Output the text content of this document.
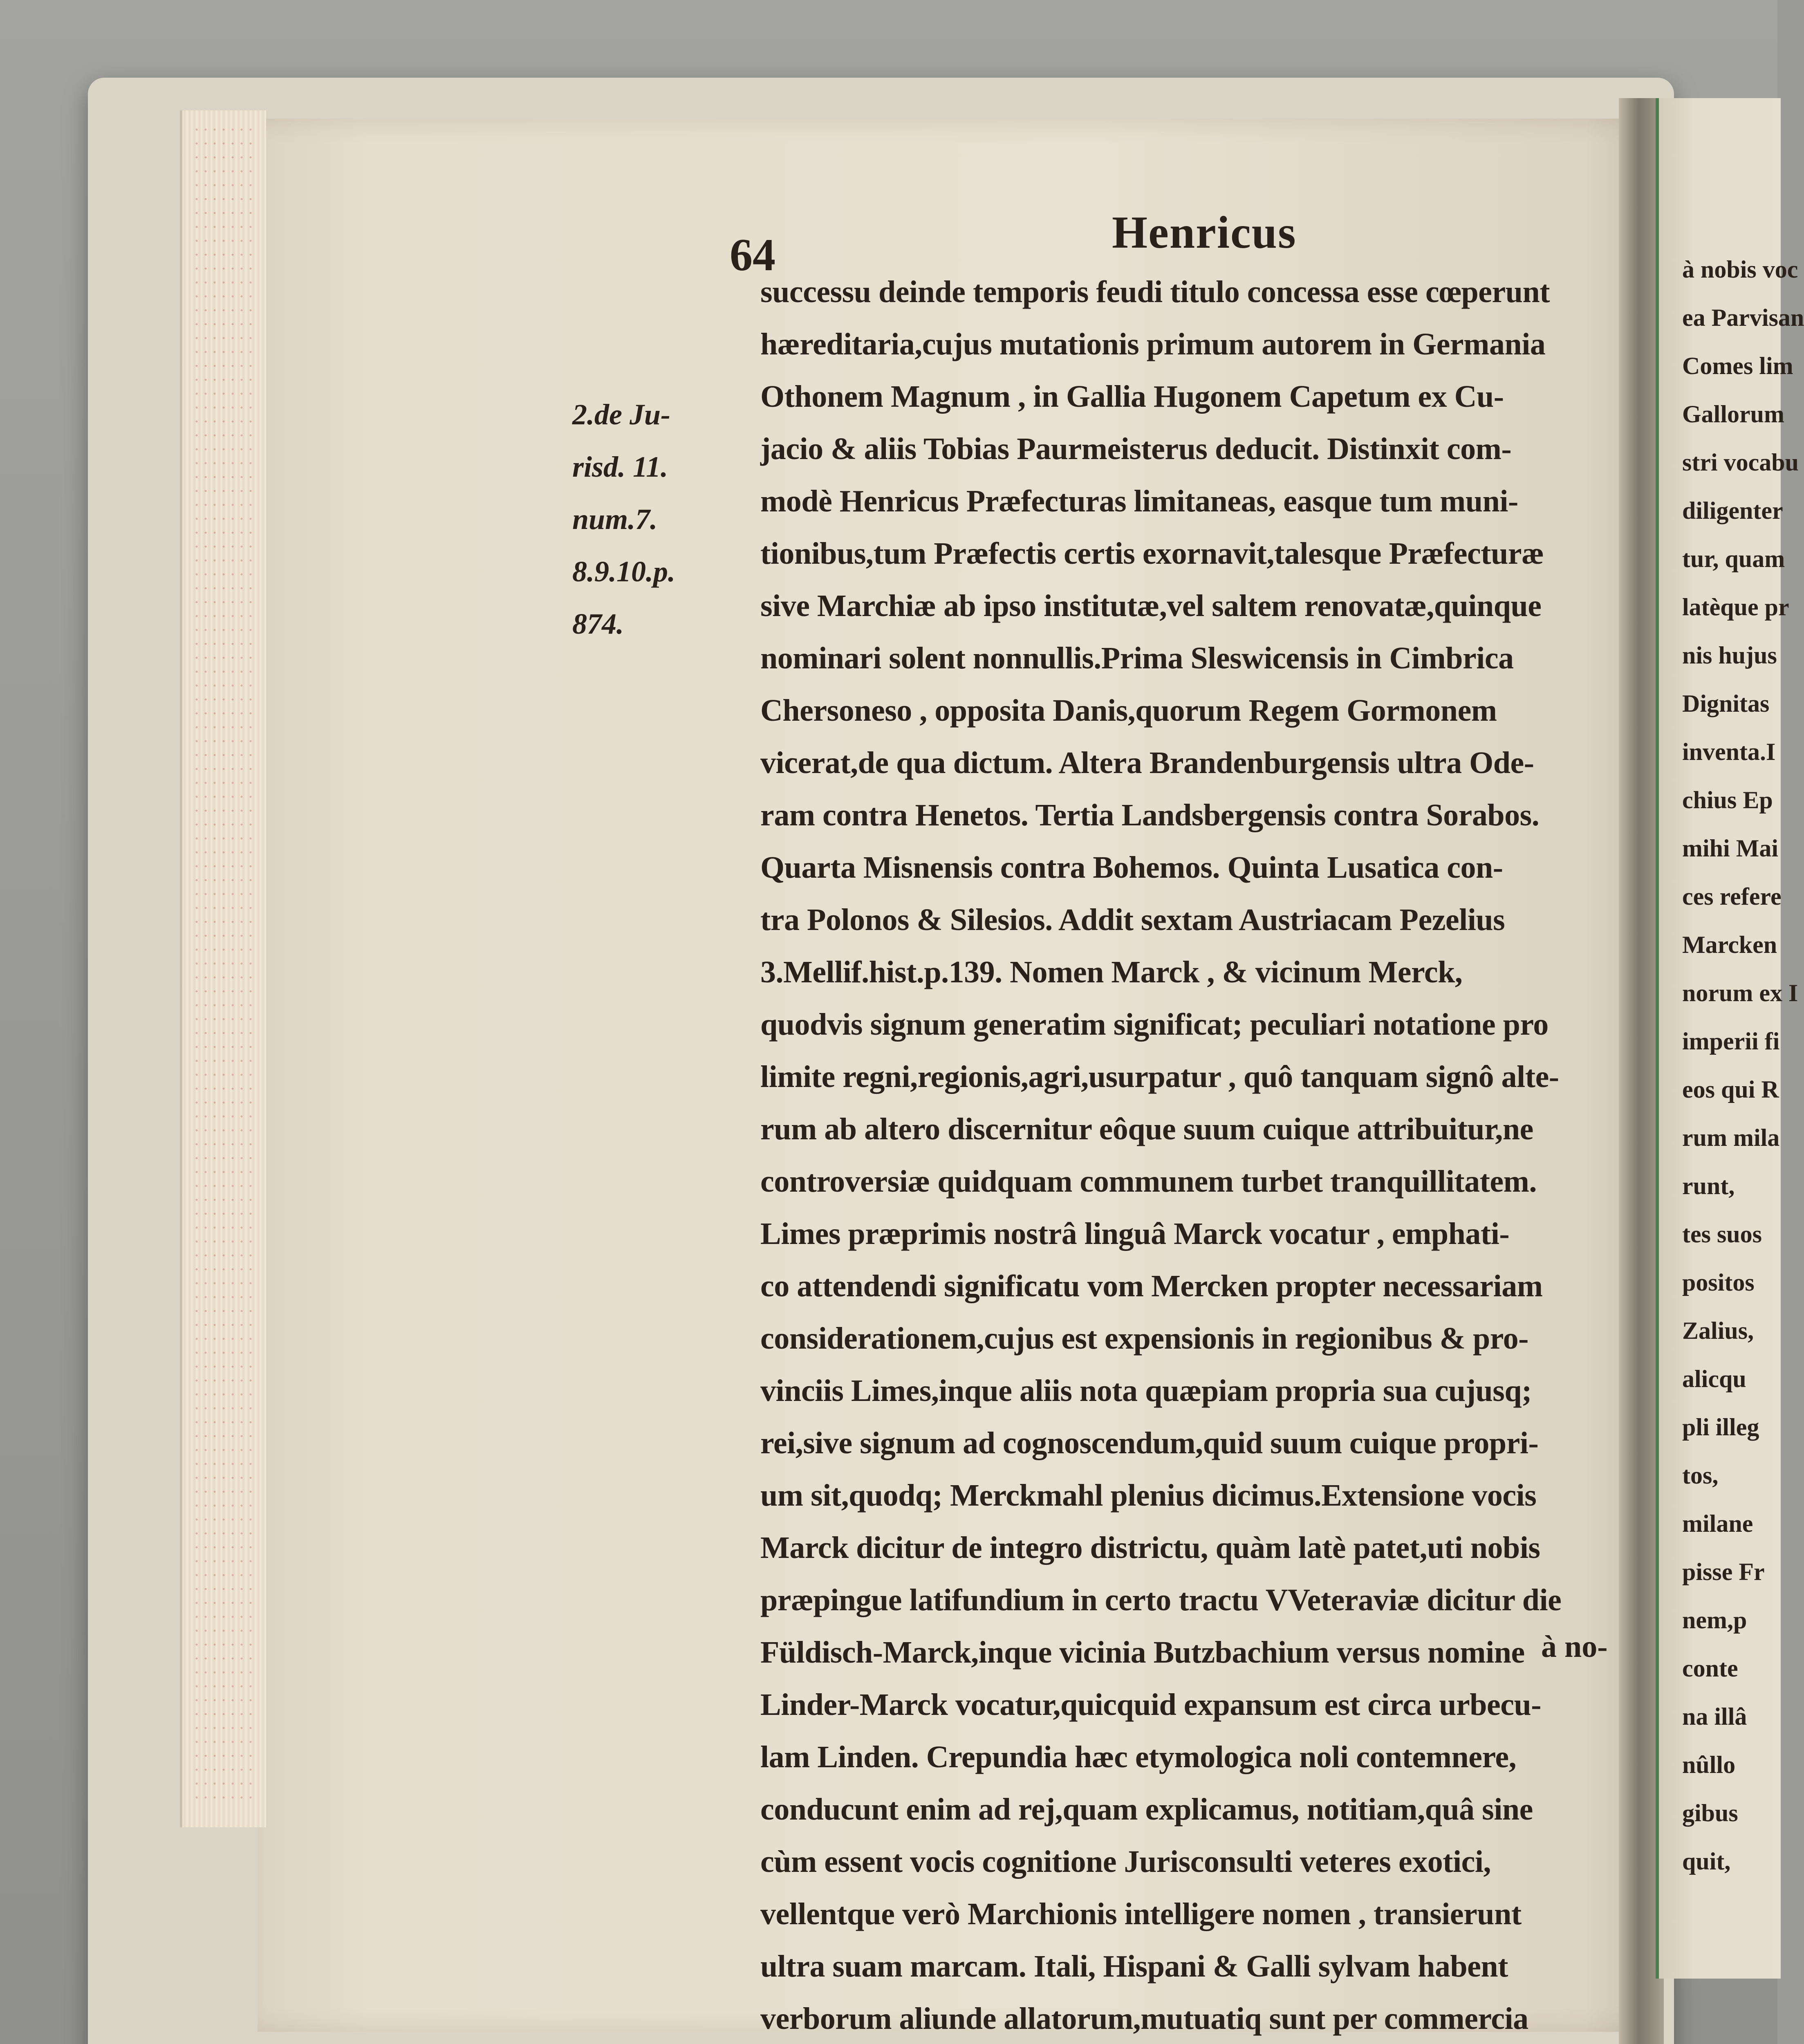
64	Henricus
2.de Ju-
risd. 11.
num.7.
8.9.10.p.
874.
successu deinde temporis feudi titulo concessa esse cœperunt
hæreditaria,cujus mutationis primum autorem in Germania
Othonem Magnum , in Gallia Hugonem Capetum ex Cu-
jacio & aliis Tobias Paurmeisterus deducit. Distinxit com-
modè Henricus Præfecturas limitaneas, easque tum muni-
tionibus,tum Præfectis certis exornavit,talesque Præfecturæ
sive Marchiæ ab ipso institutæ,vel saltem renovatæ,quinque
nominari solent nonnullis.Prima Sleswicensis in Cimbrica
Chersoneso , opposita Danis,quorum Regem Gormonem
vicerat,de qua dictum. Altera Brandenburgensis ultra Ode-
ram contra Henetos. Tertia Landsbergensis contra Sorabos.
Quarta Misnensis contra Bohemos. Quinta Lusatica con-
tra Polonos & Silesios. Addit sextam Austriacam Pezelius
3.Mellif.hist.p.139. Nomen Marck , & vicinum Merck,
quodvis signum generatim significat; peculiari notatione pro
limite regni,regionis,agri,usurpatur , quô tanquam signô alte-
rum ab altero discernitur eôque suum cuique attribuitur,ne
controversiæ quidquam communem turbet tranquillitatem.
Limes præprimis nostrâ linguâ Marck vocatur , emphati-
co attendendi significatu vom Mercken propter necessariam
considerationem,cujus est expensionis in regionibus & pro-
vinciis Limes,inque aliis nota quæpiam propria sua cujusq;
rei,sive signum ad cognoscendum,quid suum cuique propri-
um sit,quodq; Merckmahl plenius dicimus.Extensione vocis
Marck dicitur de integro districtu, quàm latè patet,uti nobis
præpingue latifundium in certo tractu VVeteraviæ dicitur die
Füldisch-Marck,inque vicinia Butzbachium versus nomine
Linder-Marck vocatur,quicquid expansum est circa urbecu-
lam Linden. Crepundia hæc etymologica noli contemnere,
conducunt enim ad rej,quam explicamus, notitiam,quâ sine
cùm essent vocis cognitione Jurisconsulti veteres exotici,
vellentque verò Marchionis intelligere nomen , transierunt
ultra suam marcam. Itali, Hispani & Galli sylvam habent
verborum aliunde allatorum,mutuatiq sunt per commercia
à no-
à nobis voc
ea Parvisan
Comes lim
Gallorum
stri vocabu
diligenter
tur, quam
latèque pr
nis hujus
Dignitas
inventa.I
chius Ep
mihi Mai
ces refere
Marcken
norum ex I
imperii fi
eos qui R
rum mila
runt,
tes suos
positos
Zalius,
alicqu
pli illeg
tos,
milane
pisse Fr
nem,p
conte
na illâ
nûllo
gibus
quit,
